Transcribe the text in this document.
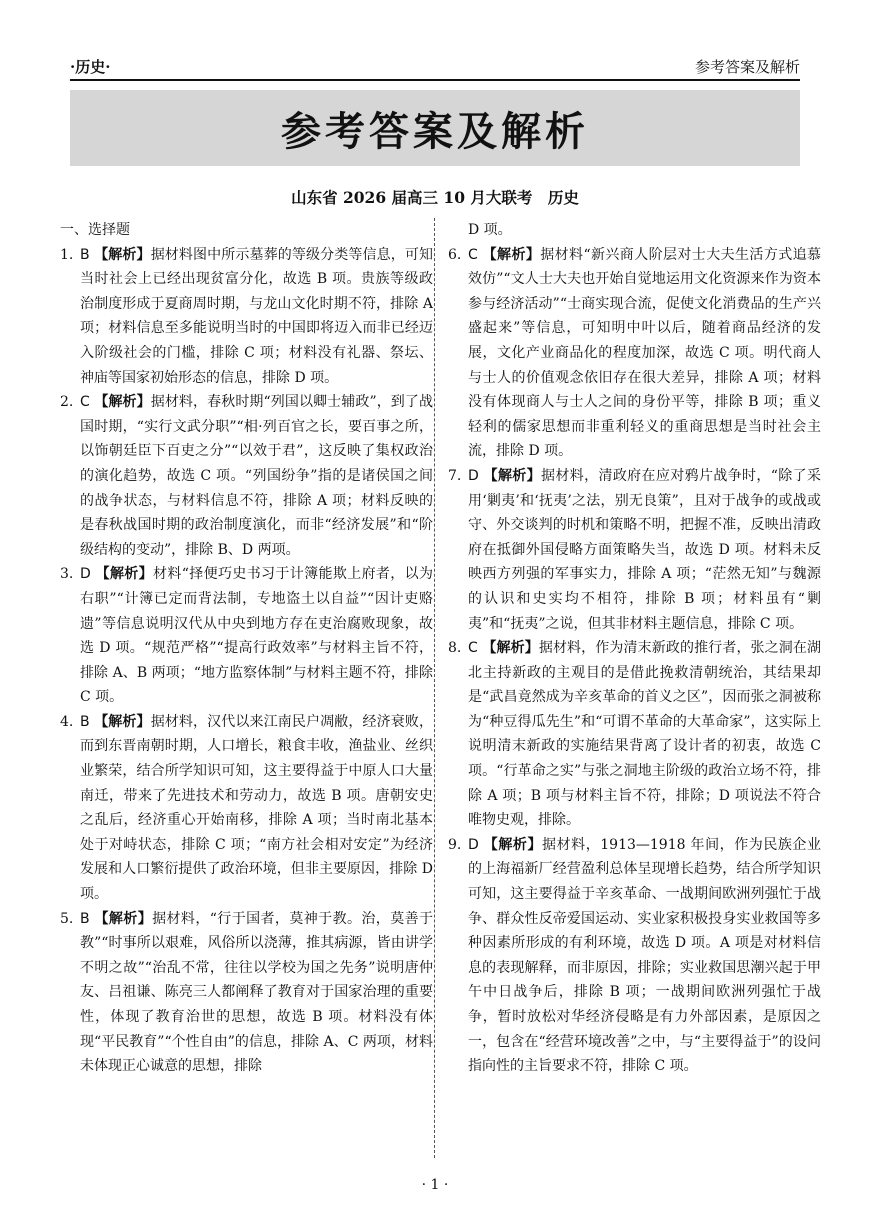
·历史·	参考答案及解析
参考答案及解析
山东省 2026 届高三 10 月大联考　历史
一、选择题
1. B 【解析】据材料图中所示墓葬的等级分类等信息，可知当时社会上已经出现贫富分化，故选 B 项。贵族等级政治制度形成于夏商周时期，与龙山文化时期不符，排除 A 项；材料信息至多能说明当时的中国即将迈入而非已经迈入阶级社会的门槛，排除 C 项；材料没有礼器、祭坛、神庙等国家初始形态的信息，排除 D 项。
2. C 【解析】据材料，春秋时期“列国以卿士辅政”，到了战国时期，“实行文武分职”“相·列百官之长，要百事之所，以饰朝廷臣下百吏之分”“以效于君”，这反映了集权政治的演化趋势，故选 C 项。“列国纷争”指的是诸侯国之间的战争状态，与材料信息不符，排除 A 项；材料反映的是春秋战国时期的政治制度演化，而非“经济发展”和“阶级结构的变动”，排除 B、D 两项。
3. D 【解析】材料“择便巧史书习于计簿能欺上府者，以为右职”“计簿已定而背法制，专地盗土以自益”“因计吏赂遗”等信息说明汉代从中央到地方存在吏治腐败现象，故选 D 项。“规范严格”“提高行政效率”与材料主旨不符，排除 A、B 两项；“地方监察体制”与材料主题不符，排除 C 项。
4. B 【解析】据材料，汉代以来江南民户凋敝，经济衰败，而到东晋南朝时期，人口增长，粮食丰收，渔盐业、丝织业繁荣，结合所学知识可知，这主要得益于中原人口大量南迁，带来了先进技术和劳动力，故选 B 项。唐朝安史之乱后，经济重心开始南移，排除 A 项；当时南北基本处于对峙状态，排除 C 项；“南方社会相对安定”为经济发展和人口繁衍提供了政治环境，但非主要原因，排除 D 项。
5. B 【解析】据材料，“行于国者，莫神于教。治，莫善于教”“时事所以艰难，风俗所以浇薄，推其病源，皆由讲学不明之故”“治乱不常，往往以学校为国之先务”说明唐仲友、吕祖谦、陈亮三人都阐释了教育对于国家治理的重要性，体现了教育治世的思想，故选 B 项。材料没有体现“平民教育”“个性自由”的信息，排除 A、C 两项，材料未体现正心诚意的思想，排除
D 项。
6. C 【解析】据材料“新兴商人阶层对士大夫生活方式追慕效仿”“文人士大夫也开始自觉地运用文化资源来作为资本参与经济活动”“士商实现合流，促使文化消费品的生产兴盛起来”等信息，可知明中叶以后，随着商品经济的发展，文化产业商品化的程度加深，故选 C 项。明代商人与士人的价值观念依旧存在很大差异，排除 A 项；材料没有体现商人与士人之间的身份平等，排除 B 项；重义轻利的儒家思想而非重利轻义的重商思想是当时社会主流，排除 D 项。
7. D 【解析】据材料，清政府在应对鸦片战争时，“除了采用‘剿夷’和‘抚夷’之法，别无良策”，且对于战争的或战或守、外交谈判的时机和策略不明，把握不准，反映出清政府在抵御外国侵略方面策略失当，故选 D 项。材料未反映西方列强的军事实力，排除 A 项；“茫然无知”与魏源的认识和史实均不相符，排除 B 项；材料虽有“剿夷”和“抚夷”之说，但其非材料主题信息，排除 C 项。
8. C 【解析】据材料，作为清末新政的推行者，张之洞在湖北主持新政的主观目的是借此挽救清朝统治，其结果却是“武昌竟然成为辛亥革命的首义之区”，因而张之洞被称为“种豆得瓜先生”和“可谓不革命的大革命家”，这实际上说明清末新政的实施结果背离了设计者的初衷，故选 C 项。“行革命之实”与张之洞地主阶级的政治立场不符，排除 A 项；B 项与材料主旨不符，排除；D 项说法不符合唯物史观，排除。
9. D 【解析】据材料，1913—1918 年间，作为民族企业的上海福新厂经营盈利总体呈现增长趋势，结合所学知识可知，这主要得益于辛亥革命、一战期间欧洲列强忙于战争、群众性反帝爱国运动、实业家积极投身实业救国等多种因素所形成的有利环境，故选 D 项。A 项是对材料信息的表现解释，而非原因，排除；实业救国思潮兴起于甲午中日战争后，排除 B 项；一战期间欧洲列强忙于战争，暂时放松对华经济侵略是有力外部因素，是原因之一，包含在“经营环境改善”之中，与“主要得益于”的设问指向性的主旨要求不符，排除 C 项。
· 1 ·
